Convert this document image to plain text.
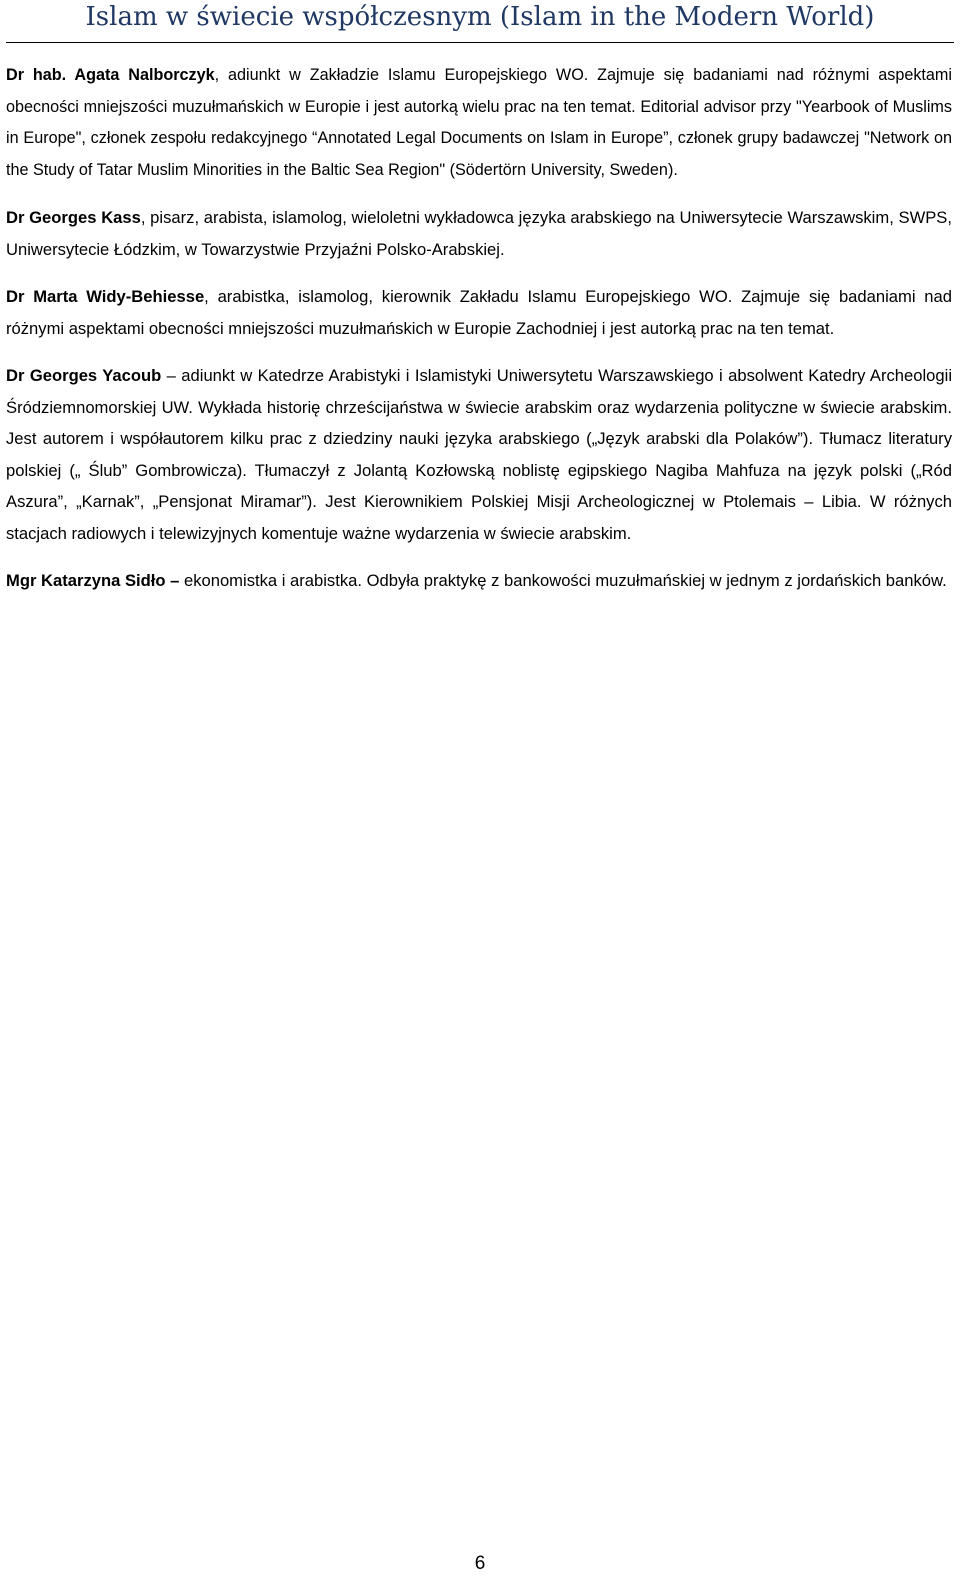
Islam w świecie współczesnym (Islam in the Modern World)

Dr hab. Agata Nalborczyk, adiunkt w Zakładzie Islamu Europejskiego WO. Zajmuje się badaniami nad różnymi aspektami obecności mniejszości muzułmańskich w Europie i jest autorką wielu prac na ten temat. Editorial advisor przy "Yearbook of Muslims in Europe", członek zespołu redakcyjnego “Annotated Legal Documents on Islam in Europe”, członek grupy badawczej "Network on the Study of Tatar Muslim Minorities in the Baltic Sea Region" (Södertörn University, Sweden).

Dr Georges Kass, pisarz, arabista, islamolog, wieloletni wykładowca języka arabskiego na Uniwersytecie Warszawskim, SWPS, Uniwersytecie Łódzkim, w Towarzystwie Przyjaźni Polsko-Arabskiej.

Dr Marta Widy-Behiesse, arabistka, islamolog, kierownik Zakładu Islamu Europejskiego WO. Zajmuje się badaniami nad różnymi aspektami obecności mniejszości muzułmańskich w Europie Zachodniej i jest autorką prac na ten temat.

Dr Georges Yacoub – adiunkt w Katedrze Arabistyki i Islamistyki Uniwersytetu Warszawskiego i absolwent Katedry Archeologii Śródziemnomorskiej UW. Wykłada historię chrześcijaństwa w świecie arabskim oraz wydarzenia polityczne w świecie arabskim. Jest autorem i współautorem kilku prac z dziedziny nauki języka arabskiego („Język arabski dla Polaków”). Tłumacz literatury polskiej („ Ślub” Gombrowicza). Tłumaczył z Jolantą Kozłowską noblistę egipskiego Nagiba Mahfuza na język polski („Ród Aszura”, „Karnak”, „Pensjonat Miramar”). Jest Kierownikiem Polskiej Misji Archeologicznej w Ptolemais – Libia. W różnych stacjach radiowych i telewizyjnych komentuje ważne wydarzenia w świecie arabskim.

Mgr Katarzyna Sidło – ekonomistka i arabistka. Odbyła praktykę z bankowości muzułmańskiej w jednym z jordańskich banków.

6
